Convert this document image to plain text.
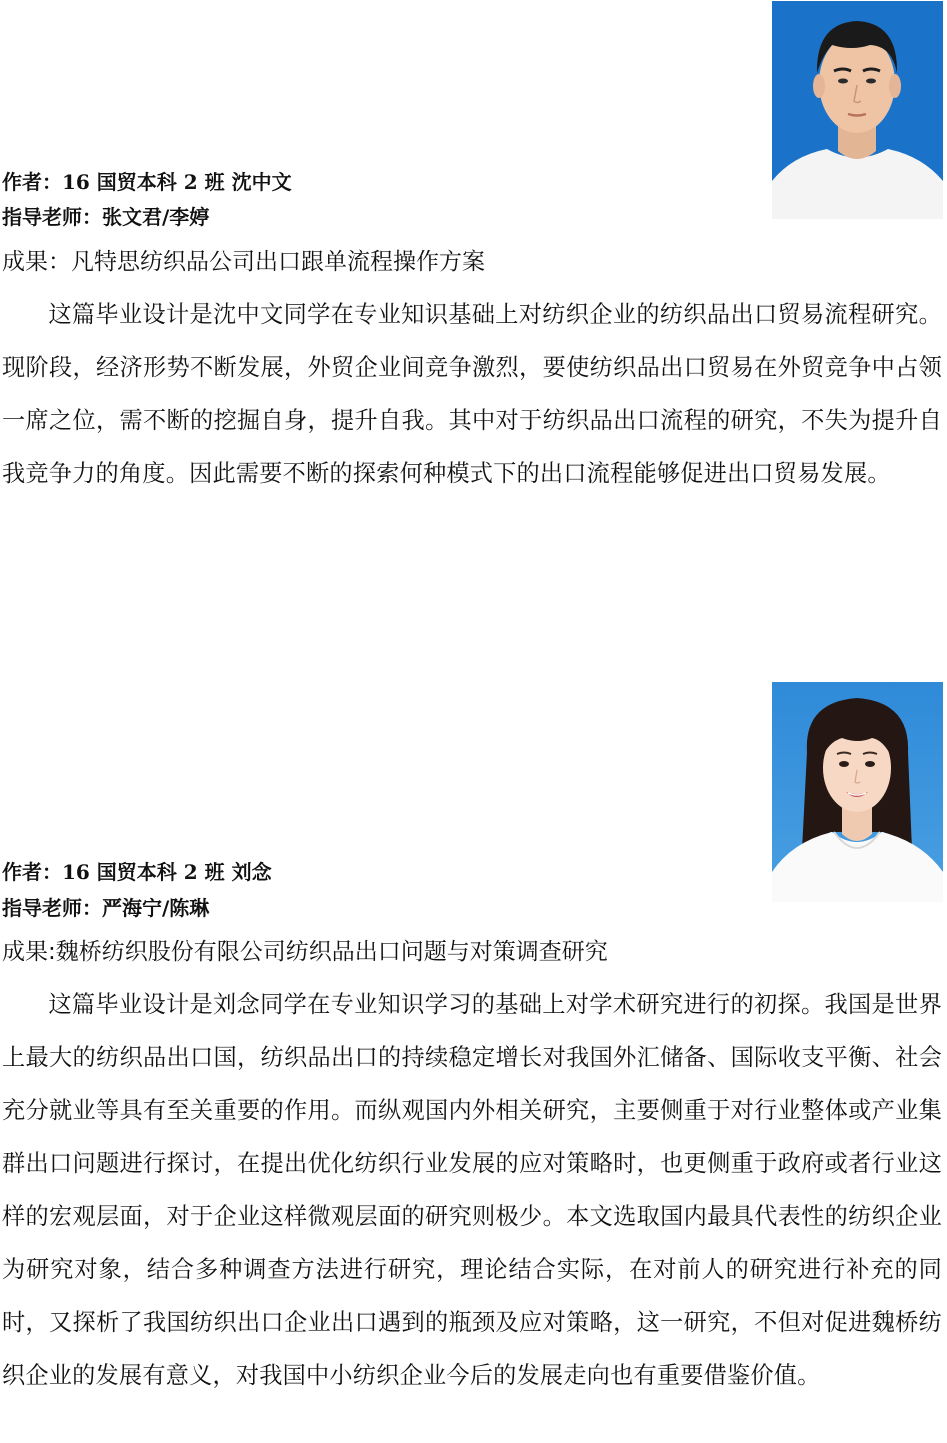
作者：16 国贸本科 2 班 沈中文
指导老师：张文君/李婷
成果：凡特思纺织品公司出口跟单流程操作方案

这篇毕业设计是沈中文同学在专业知识基础上对纺织企业的纺织品出口贸易流程研究。现阶段，经济形势不断发展，外贸企业间竞争激烈，要使纺织品出口贸易在外贸竞争中占领一席之位，需不断的挖掘自身，提升自我。其中对于纺织品出口流程的研究，不失为提升自我竞争力的角度。因此需要不断的探索何种模式下的出口流程能够促进出口贸易发展。

作者：16 国贸本科 2 班 刘念
指导老师：严海宁/陈琳
成果:魏桥纺织股份有限公司纺织品出口问题与对策调查研究

这篇毕业设计是刘念同学在专业知识学习的基础上对学术研究进行的初探。我国是世界上最大的纺织品出口国，纺织品出口的持续稳定增长对我国外汇储备、国际收支平衡、社会充分就业等具有至关重要的作用。而纵观国内外相关研究，主要侧重于对行业整体或产业集群出口问题进行探讨，在提出优化纺织行业发展的应对策略时，也更侧重于政府或者行业这样的宏观层面，对于企业这样微观层面的研究则极少。本文选取国内最具代表性的纺织企业为研究对象，结合多种调查方法进行研究，理论结合实际，在对前人的研究进行补充的同时，又探析了我国纺织出口企业出口遇到的瓶颈及应对策略，这一研究，不但对促进魏桥纺织企业的发展有意义，对我国中小纺织企业今后的发展走向也有重要借鉴价值。
